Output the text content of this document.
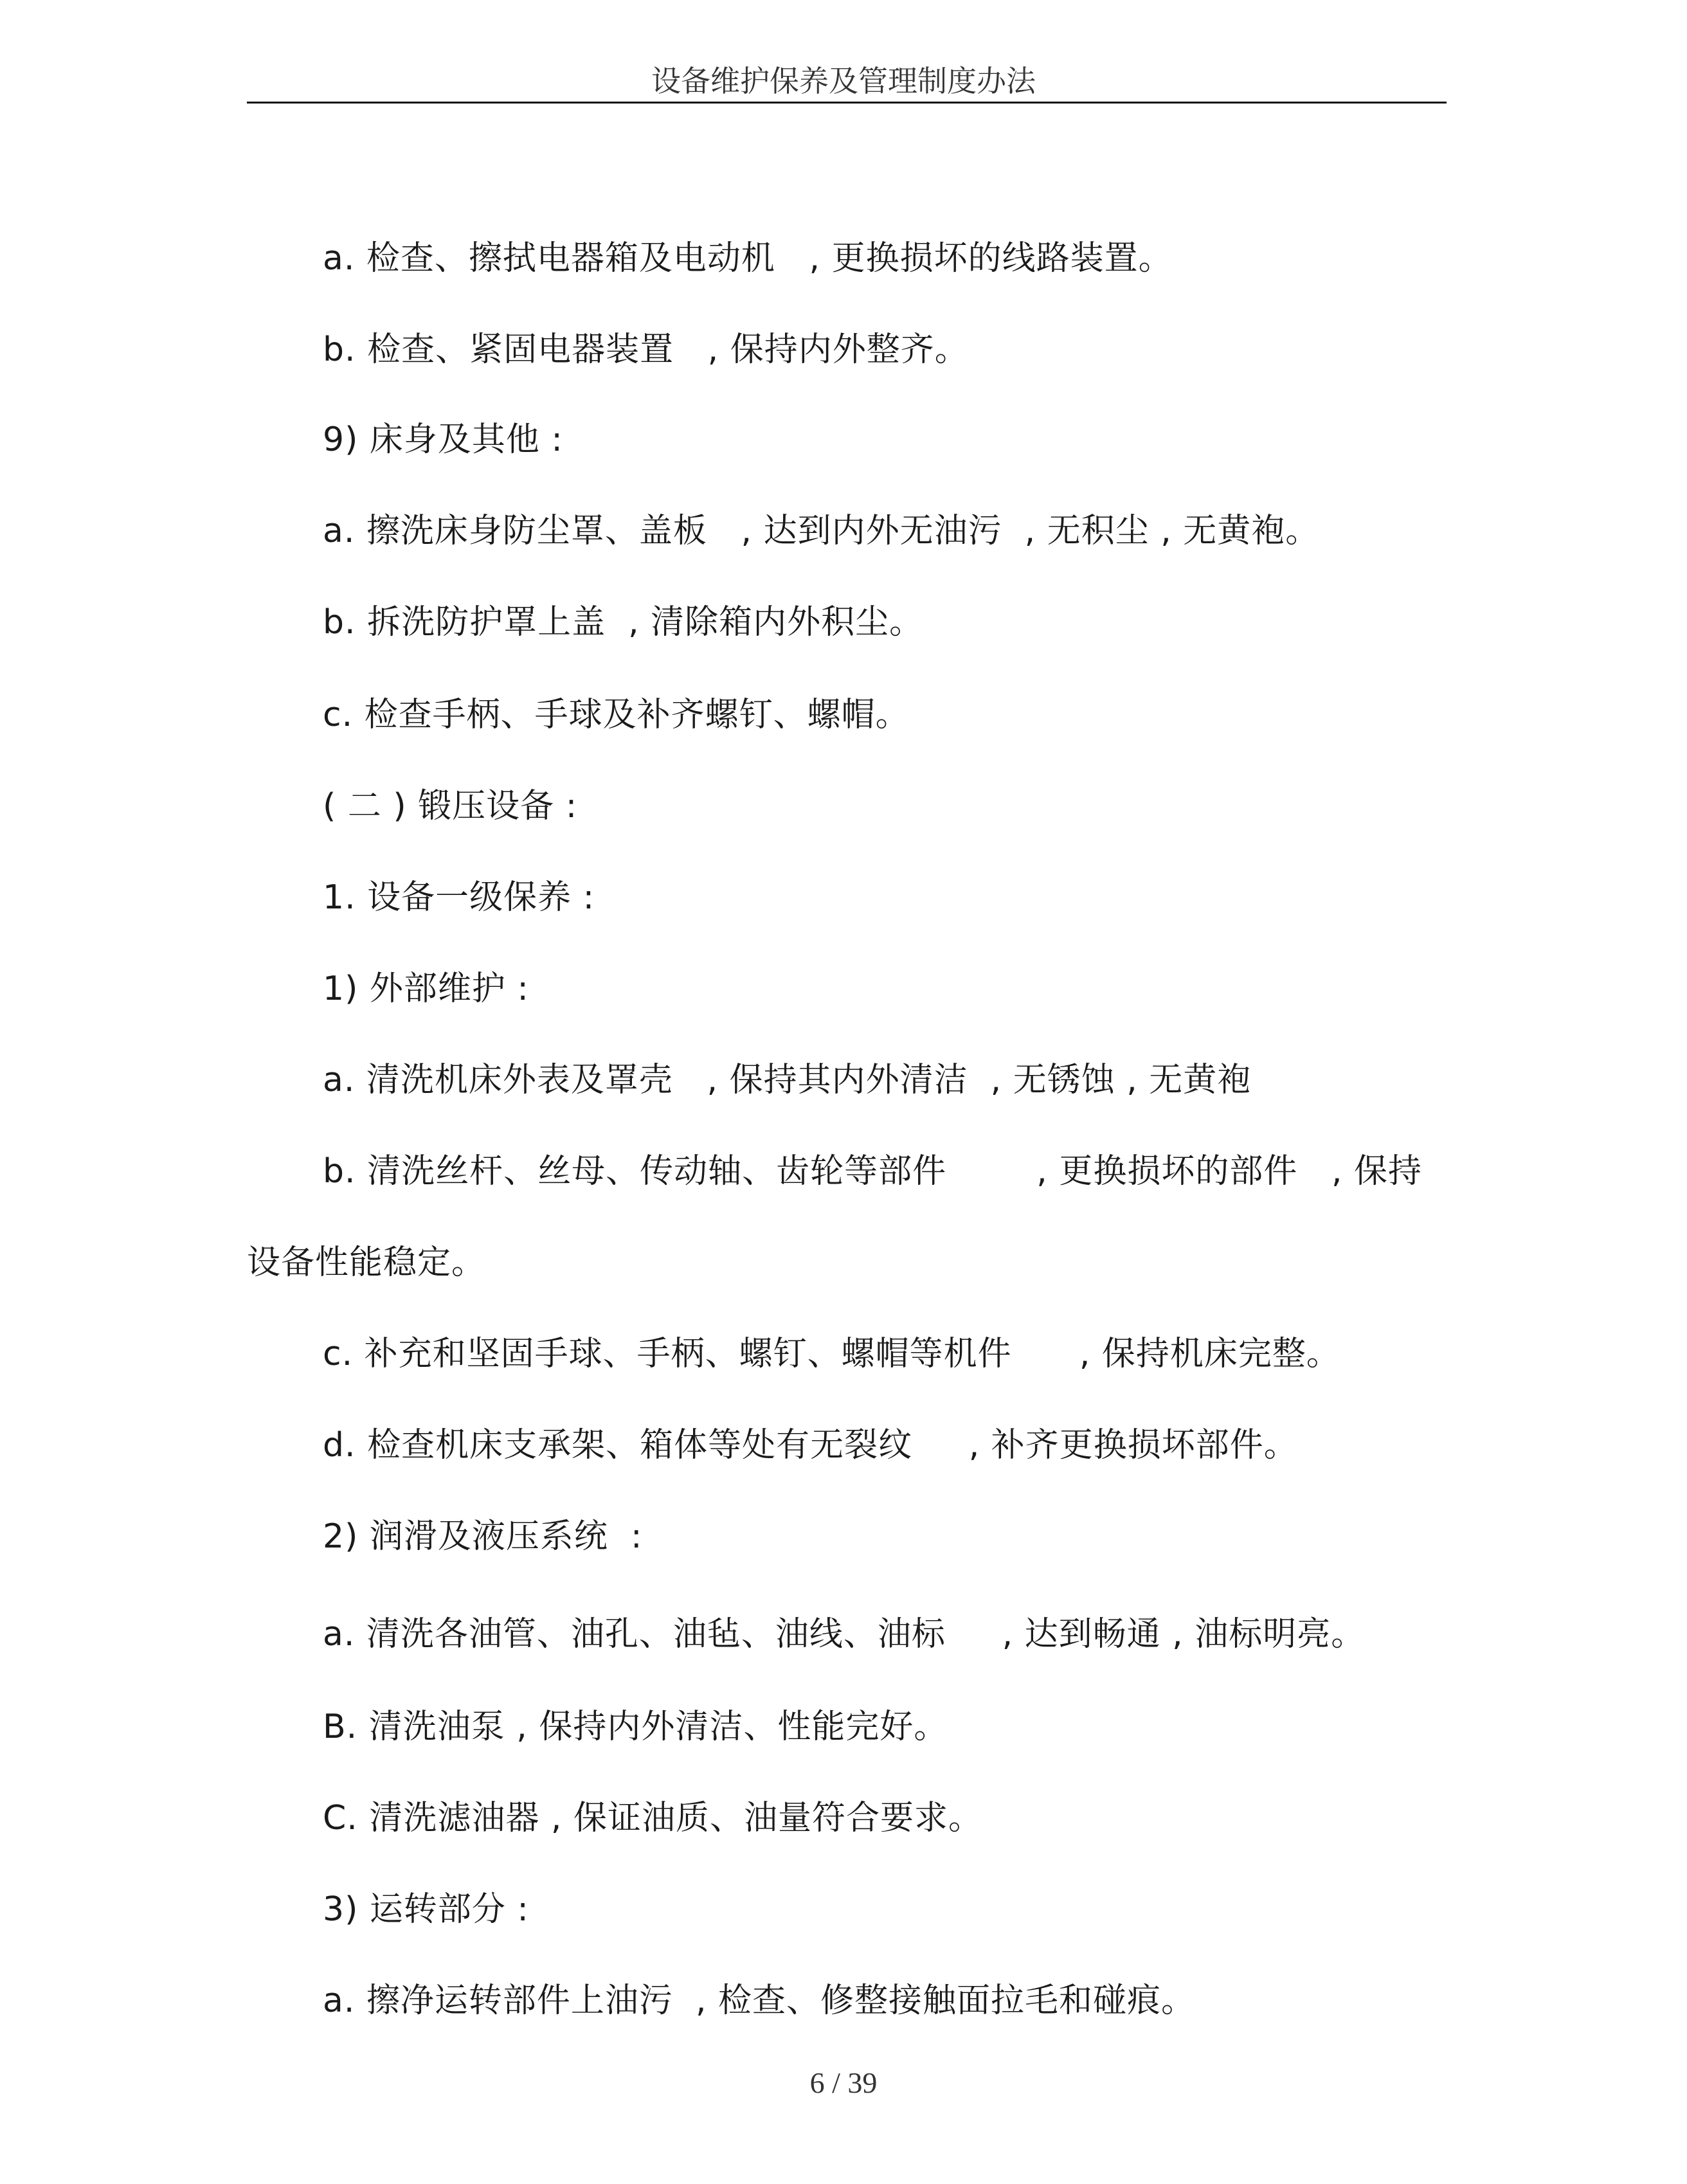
设备维护保养及管理制度办法
a. 检查、擦拭电器箱及电动机   , 更换损坏的线路装置。
b. 检查、紧固电器装置   , 保持内外整齐。
9) 床身及其他 :
a. 擦洗床身防尘罩、盖板   , 达到内外无油污  , 无积尘 , 无黄袍。
b. 拆洗防护罩上盖  , 清除箱内外积尘。
c. 检查手柄、手球及补齐螺钉、螺帽。
( 二 ) 锻压设备 :
1. 设备一级保养 :
1) 外部维护 :
a. 清洗机床外表及罩壳   , 保持其内外清洁  , 无锈蚀 , 无黄袍
b. 清洗丝杆、丝母、传动轴、齿轮等部件        , 更换损坏的部件   , 保持
设备性能稳定。
c. 补充和坚固手球、手柄、螺钉、螺帽等机件      , 保持机床完整。
d. 检查机床支承架、箱体等处有无裂纹     , 补齐更换损坏部件。
2) 润滑及液压系统  :
a. 清洗各油管、油孔、油毡、油线、油标     , 达到畅通 , 油标明亮。
B. 清洗油泵 , 保持内外清洁、性能完好。
C. 清洗滤油器 , 保证油质、油量符合要求。
3) 运转部分 :
a. 擦净运转部件上油污  , 检查、修整接触面拉毛和碰痕。
6 / 39
